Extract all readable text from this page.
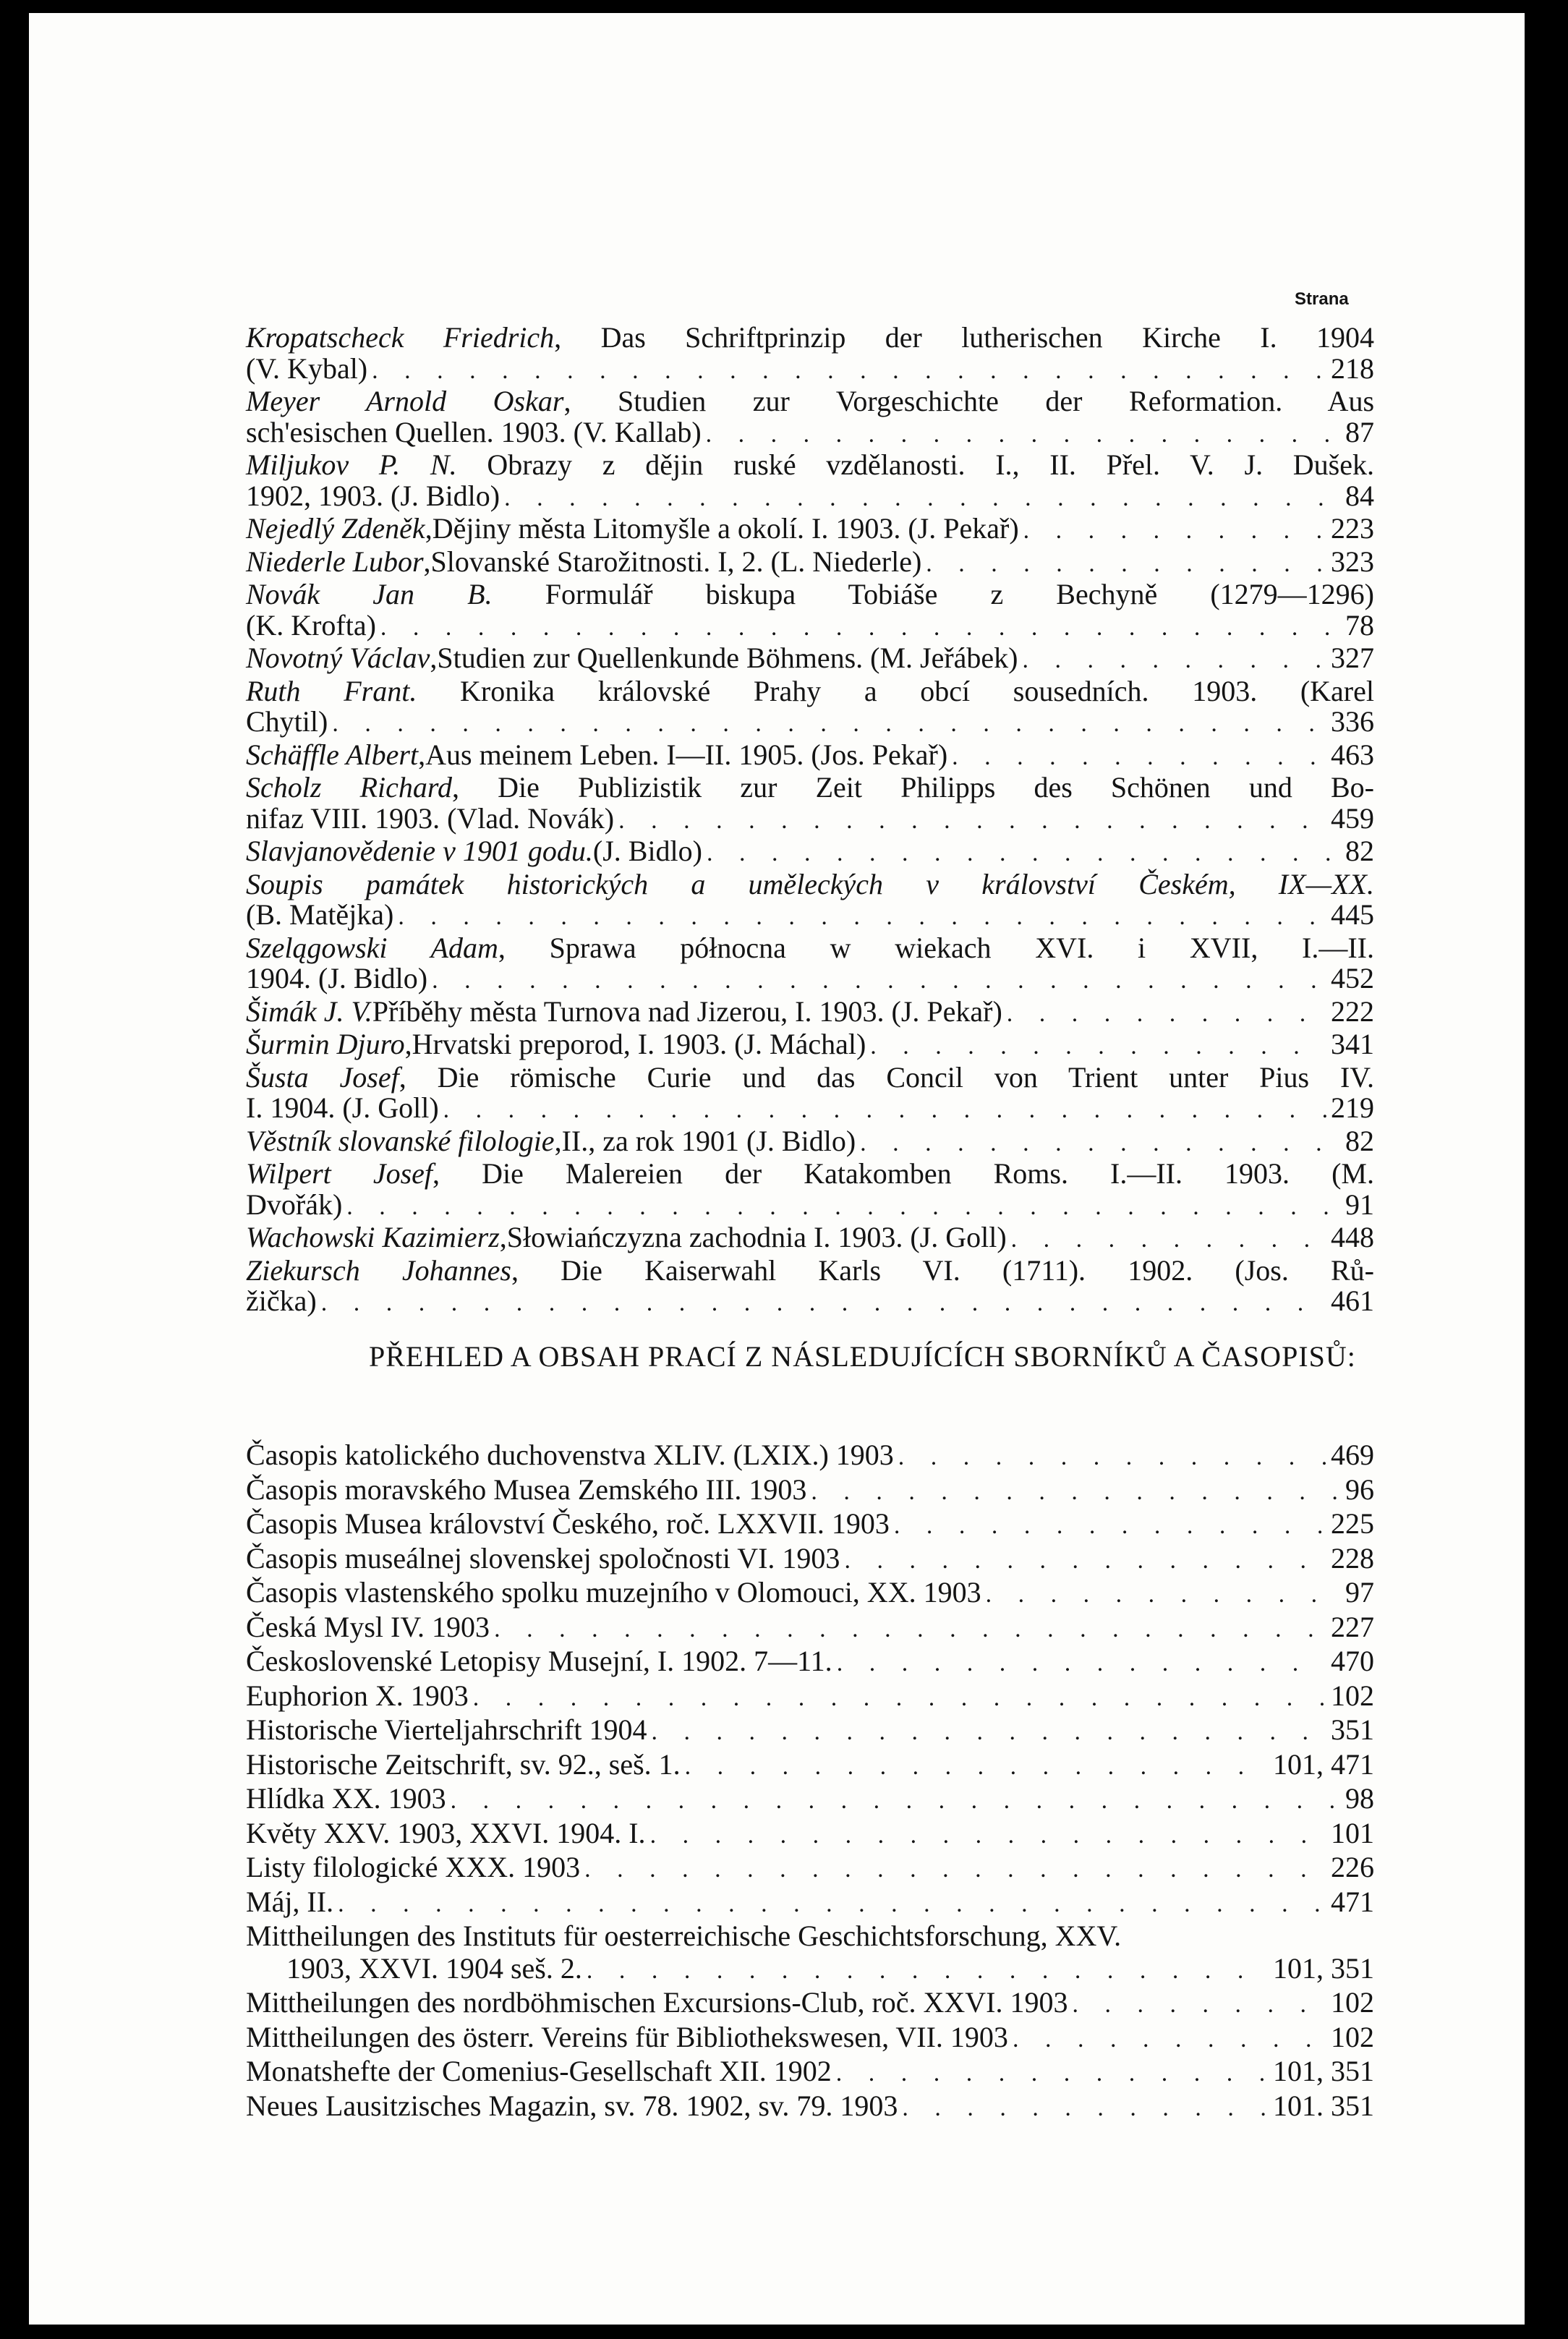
Strana
Kropatscheck Friedrich, Das Schriftprinzip der lutherischen Kirche I. 1904
(V. Kybal) . . .	218
Meyer Arnold Oskar, Studien zur Vorgeschichte der Reformation. Aus
sch'esischen Quellen. 1903. (V. Kallab) . . .	87
Miljukov P. N. Obrazy z dějin ruské vzdělanosti. I., II. Přel. V. J. Dušek.
1902, 1903. (J. Bidlo) . . .	84
Nejedlý Zdeněk , Dějiny města Litomyšle a okolí. I. 1903. (J. Pekař) . . .	223
Niederle Lubor , Slovanské Starožitnosti. I, 2. (L. Niederle) . . .	323
Novák Jan B. Formulář biskupa Tobiáše z Bechyně (1279—1296)
(K. Krofta) . . .	78
Novotný Václav , Studien zur Quellenkunde Böhmens. (M. Jeřábek) . . .	327
Ruth Frant. Kronika královské Prahy a obcí sousedních. 1903. (Karel
Chytil) . . .	336
Schäffle Albert , Aus meinem Leben. I—II. 1905. (Jos. Pekař) . . .	463
Scholz Richard, Die Publizistik zur Zeit Philipps des Schönen und Bo-
nifaz VIII. 1903. (Vlad. Novák) . . .	459
Slavjanovědenie v 1901 godu. (J. Bidlo) . . .	82
Soupis památek historických a uměleckých v království Českém, IX—XX.
(B. Matějka) . . .	445
Szelągowski Adam, Sprawa północna w wiekach XVI. i XVII, I.—II.
1904. (J. Bidlo) . . .	452
Šimák J. V. Příběhy města Turnova nad Jizerou, I. 1903. (J. Pekař) . . .	222
Šurmin Djuro , Hrvatski preporod, I. 1903. (J. Máchal) . . .	341
Šusta Josef, Die römische Curie und das Concil von Trient unter Pius IV.
I. 1904. (J. Goll) . . .	219
Věstník slovanské filologie , II., za rok 1901 (J. Bidlo) . . .	82
Wilpert Josef, Die Malereien der Katakomben Roms. I.—II. 1903. (M.
Dvořák) . . .	91
Wachowski Kazimierz , Słowiańczyzna zachodnia I. 1903. (J. Goll) . . .	448
Ziekursch Johannes, Die Kaiserwahl Karls VI. (1711). 1902. (Jos. Rů-
žička) . . .	461
PŘEHLED A OBSAH PRACÍ Z NÁSLEDUJÍCÍCH SBORNÍKŮ A ČASOPISŮ:
Časopis katolického duchovenstva XLIV. (LXIX.) 1903 . . .	469
Časopis moravského Musea Zemského III. 1903 . . .	96
Časopis Musea království Českého, roč. LXXVII. 1903 . . .	225
Časopis museálnej slovenskej spoločnosti VI. 1903 . . .	228
Časopis vlastenského spolku muzejního v Olomouci, XX. 1903 . . .	97
Česká Mysl IV. 1903 . . .	227
Československé Letopisy Musejní, I. 1902. 7—11. . . .	470
Euphorion X. 1903 . . .	102
Historische Vierteljahrschrift 1904 . . .	351
Historische Zeitschrift, sv. 92., seš. 1. . . .	101, 471
Hlídka XX. 1903 . . .	98
Květy XXV. 1903, XXVI. 1904. I. . . .	101
Listy filologické XXX. 1903 . . .	226
Máj, II. . . .	471
Mittheilungen des Instituts für oesterreichische Geschichtsforschung, XXV.
1903, XXVI. 1904 seš. 2. . . .	101, 351
Mittheilungen des nordböhmischen Excursions-Club, roč. XXVI. 1903 . . .	102
Mittheilungen des österr. Vereins für Bibliothekswesen, VII. 1903 . . .	102
Monatshefte der Comenius-Gesellschaft XII. 1902 . . .	101, 351
Neues Lausitzisches Magazin, sv. 78. 1902, sv. 79. 1903 . . .	101. 351
